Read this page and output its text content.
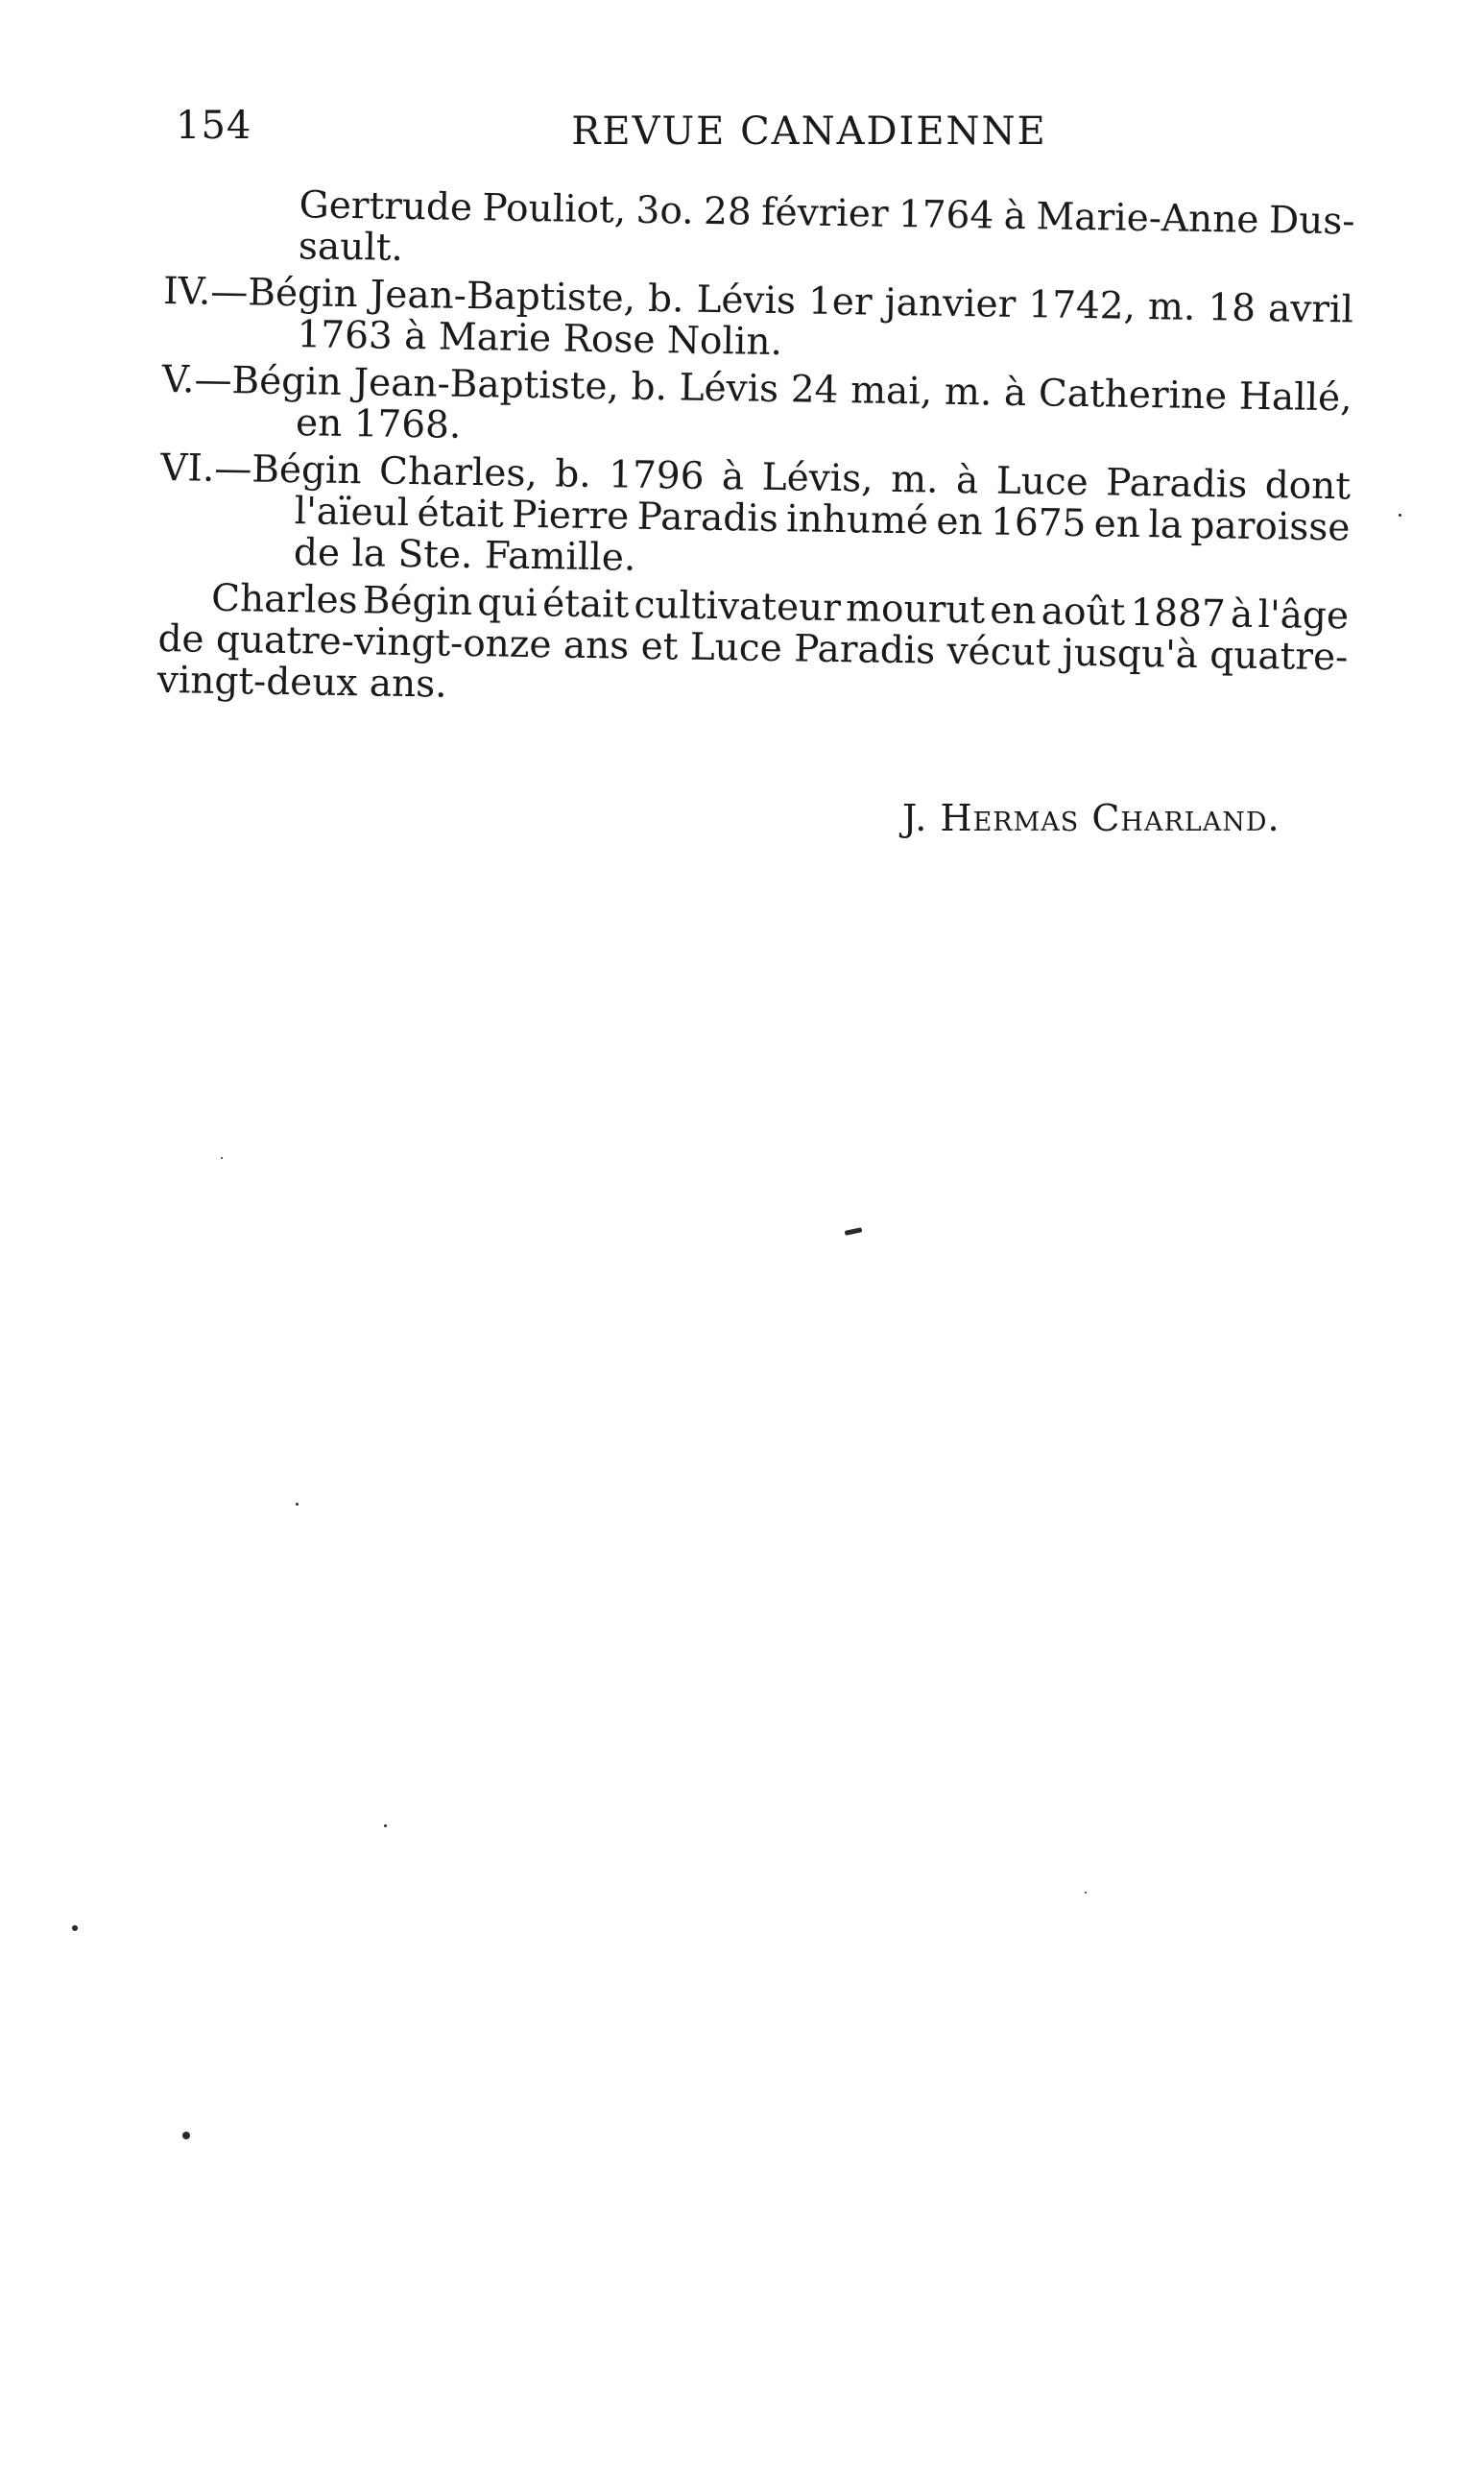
154	REVUE CANADIENNE
Gertrude Pouliot, 3o. 28 février 1764 à Marie-Anne Dus-
sault.
IV.—Bégin Jean-Baptiste, b. Lévis 1er janvier 1742, m. 18 avril
1763 à Marie Rose Nolin.
V.—Bégin Jean-Baptiste, b. Lévis 24 mai, m. à Catherine Hallé,
en 1768.
VI.—Bégin Charles, b. 1796 à Lévis, m. à Luce Paradis dont
l'aïeul était Pierre Paradis inhumé en 1675 en la paroisse
de la Ste. Famille.
Charles Bégin qui était cultivateur mourut en août 1887 à l'âge
de quatre-vingt-onze ans et Luce Paradis vécut jusqu'à quatre-
vingt-deux ans.
J. Hermas Charland.
